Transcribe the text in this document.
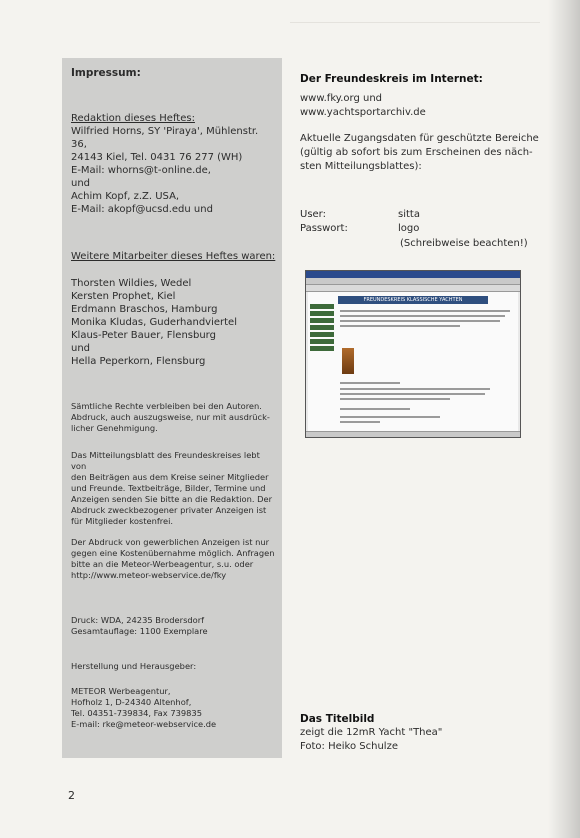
Impressum:
Redaktion dieses Heftes:
Wilfried Horns, SY 'Piraya', Mühlenstr. 36,
24143 Kiel, Tel. 0431 76 277 (WH)
E-Mail: whorns@t-online.de,
und
Achim Kopf, z.Z. USA,
E-Mail: akopf@ucsd.edu und
Weitere Mitarbeiter dieses Heftes waren:
Thorsten Wildies, Wedel
Kersten Prophet, Kiel
Erdmann Braschos, Hamburg
Monika Kludas, Guderhandviertel
Klaus-Peter Bauer, Flensburg
und
Hella Peperkorn, Flensburg
Sämtliche Rechte verbleiben bei den Autoren.
Abdruck, auch auszugsweise, nur mit ausdrück-
licher Genehmigung.
Das Mitteilungsblatt des Freundeskreises lebt von
den Beiträgen aus dem Kreise seiner Mitglieder
und Freunde. Textbeiträge, Bilder, Termine und
Anzeigen senden Sie bitte an die Redaktion. Der
Abdruck zweckbezogener privater Anzeigen ist
für Mitglieder kostenfrei.
Der Abdruck von gewerblichen Anzeigen ist nur
gegen eine Kostenübernahme möglich. Anfragen
bitte an die Meteor-Werbeagentur, s.u. oder
http://www.meteor-webservice.de/fky
Druck: WDA, 24235 Brodersdorf
Gesamtauflage: 1100 Exemplare
Herstellung und Herausgeber:
METEOR Werbeagentur,
Hofholz 1, D-24340 Altenhof,
Tel. 04351-739834, Fax 739835
E-mail: rke@meteor-webservice.de
Der Freundeskreis im Internet:
www.fky.org und
www.yachtsportarchiv.de
Aktuelle Zugangsdaten für geschützte Bereiche
(gültig ab sofort bis zum Erscheinen des näch-
sten Mitteilungsblattes):
User:	sitta
Passwort:	logo
(Schreibweise beachten!)
FREUNDESKREIS KLASSISCHE YACHTEN
Das Titelbild
zeigt die 12mR Yacht "Thea"
Foto: Heiko Schulze
2
